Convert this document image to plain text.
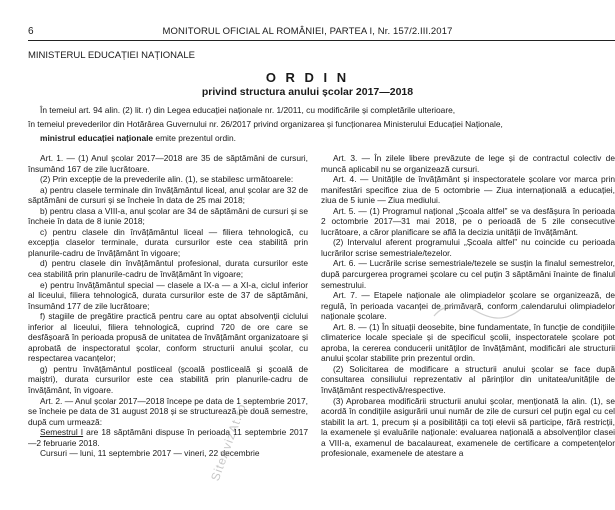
6	MONITORUL OFICIAL AL ROMÂNIEI, PARTEA I, Nr. 157/2.III.2017
MINISTERUL EDUCAȚIEI NAȚIONALE
O R D I N
privind structura anului școlar 2017—2018

În temeiul art. 94 alin. (2) lit. r) din Legea educației naționale nr. 1/2011, cu modificările și completările ulterioare,

în temeiul prevederilor din Hotărârea Guvernului nr. 26/2017 privind organizarea și funcționarea Ministerului Educației Naționale,

ministrul educației naționale emite prezentul ordin.

Art. 1. — (1) Anul școlar 2017—2018 are 35 de săptămâni de cursuri, însumând 167 de zile lucrătoare.

(2) Prin excepție de la prevederile alin. (1), se stabilesc următoarele:

a) pentru clasele terminale din învățământul liceal, anul școlar are 32 de săptămâni de cursuri și se încheie în data de 25 mai 2018;

b) pentru clasa a VIII-a, anul școlar are 34 de săptămâni de cursuri și se încheie în data de 8 iunie 2018;

c) pentru clasele din învățământul liceal — filiera tehnologică, cu excepția claselor terminale, durata cursurilor este cea stabilită prin planurile-cadru de învățământ în vigoare;

d) pentru clasele din învățământul profesional, durata cursurilor este cea stabilită prin planurile-cadru de învățământ în vigoare;

e) pentru învățământul special — clasele a IX-a — a XI-a, ciclul inferior al liceului, filiera tehnologică, durata cursurilor este de 37 de săptămâni, însumând 177 de zile lucrătoare;

f) stagiile de pregătire practică pentru care au optat absolvenții ciclului inferior al liceului, filiera tehnologică, cuprind 720 de ore care se desfășoară în perioada propusă de unitatea de învățământ organizatoare și aprobată de inspectoratul școlar, conform structurii anului școlar, cu respectarea vacanțelor;

g) pentru învățământul postliceal (școală postliceală și școală de maiștri), durata cursurilor este cea stabilită prin planurile-cadru de învățământ, în vigoare.

Art. 2. — Anul școlar 2017—2018 începe pe data de 1 septembrie 2017, se încheie pe data de 31 august 2018 și se structurează pe două semestre, după cum urmează:

Semestrul I are 18 săptămâni dispuse în perioada 11 septembrie 2017—2 februarie 2018.

Cursuri — luni, 11 septembrie 2017 — vineri, 22 decembrie

Art. 3. — În zilele libere prevăzute de lege și de contractul colectiv de muncă aplicabil nu se organizează cursuri.

Art. 4. — Unitățile de învățământ și inspectoratele școlare vor marca prin manifestări specifice ziua de 5 octombrie — Ziua internațională a educației, ziua de 5 iunie — Ziua mediului.

Art. 5. — (1) Programul național „Școala altfel” se va desfășura în perioada 2 octombrie 2017—31 mai 2018, pe o perioadă de 5 zile consecutive lucrătoare, a căror planificare se află la decizia unității de învățământ.

(2) Intervalul aferent programului „Școala altfel” nu coincide cu perioada lucrărilor scrise semestriale/tezelor.

Art. 6. — Lucrările scrise semestriale/tezele se susțin la finalul semestrelor, după parcurgerea programei școlare cu cel puțin 3 săptămâni înainte de finalul semestrului.

Art. 7. — Etapele naționale ale olimpiadelor școlare se organizează, de regulă, în perioada vacanței de primăvară, conform calendarului olimpiadelor naționale școlare.

Art. 8. — (1) În situații deosebite, bine fundamentate, în funcție de condițiile climaterice locale speciale și de specificul școlii, inspectoratele școlare pot aproba, la cererea conducerii unităților de învățământ, modificări ale structurii anului școlar stabilite prin prezentul ordin.

(2) Solicitarea de modificare a structurii anului școlar se face după consultarea consiliului reprezentativ al părinților din unitatea/unitățile de învățământ respectivă/respective.

(3) Aprobarea modificării structurii anului școlar, menționată la alin. (1), se acordă în condițiile asigurării unui număr de zile de cursuri cel puțin egal cu cel stabilit la art. 1, precum și a posibilității ca toți elevii să participe, fără restricții, la examenele și evaluările naționale: evaluarea națională a absolvenților clasei a VIII-a, examenul de bacalaureat, examenele de certificare a competențelor profesionale, examenele de atestare a

SiteAvizAt.ro
